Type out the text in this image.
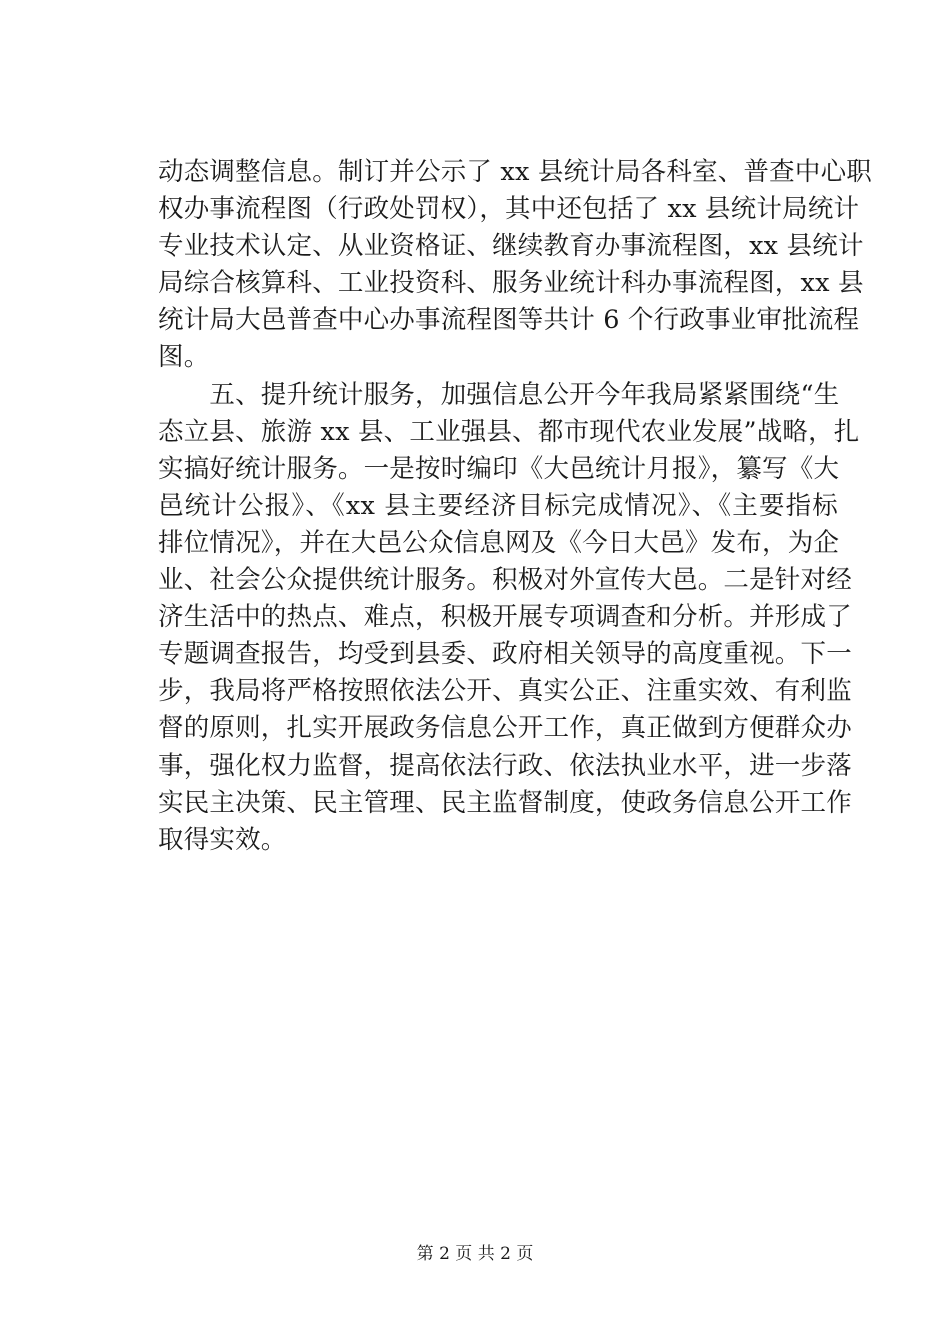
动态调整信息。制订并公示了 xx 县统计局各科室、普查中心职
权办事流程图（行政处罚权），其中还包括了 xx 县统计局统计
专业技术认定、从业资格证、继续教育办事流程图，xx 县统计
局综合核算科、工业投资科、服务业统计科办事流程图，xx 县
统计局大邑普查中心办事流程图等共计 6 个行政事业审批流程
图。
　　五、提升统计服务，加强信息公开今年我局紧紧围绕“生
态立县、旅游 xx 县、工业强县、都市现代农业发展”战略，扎
实搞好统计服务。一是按时编印《大邑统计月报》，纂写《大
邑统计公报》、《xx 县主要经济目标完成情况》、《主要指标
排位情况》，并在大邑公众信息网及《今日大邑》发布，为企
业、社会公众提供统计服务。积极对外宣传大邑。二是针对经
济生活中的热点、难点，积极开展专项调查和分析。并形成了
专题调查报告，均受到县委、政府相关领导的高度重视。下一
步，我局将严格按照依法公开、真实公正、注重实效、有利监
督的原则，扎实开展政务信息公开工作，真正做到方便群众办
事，强化权力监督，提高依法行政、依法执业水平，进一步落
实民主决策、民主管理、民主监督制度，使政务信息公开工作
取得实效。
第 2 页 共 2 页
